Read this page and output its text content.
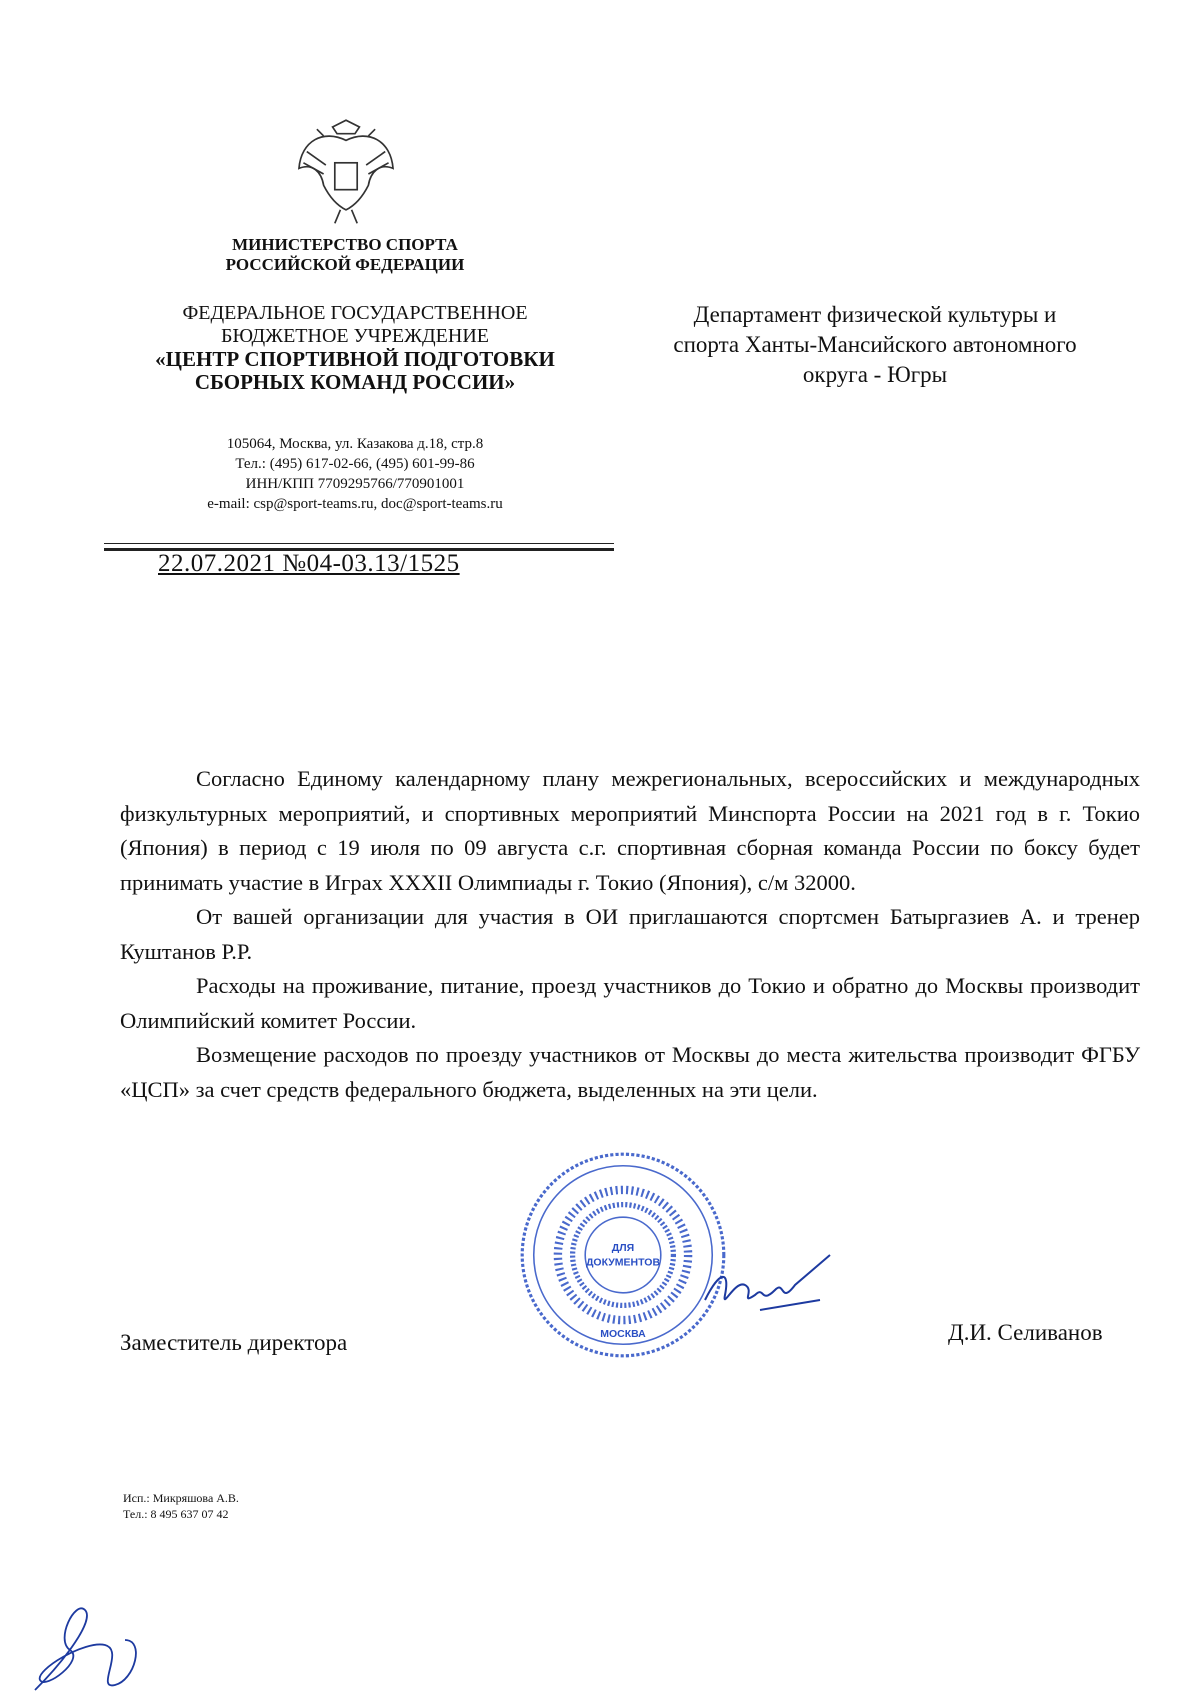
МИНИСТЕРСТВО СПОРТА
РОССИЙСКОЙ ФЕДЕРАЦИИ
ФЕДЕРАЛЬНОЕ ГОСУДАРСТВЕННОЕ
БЮДЖЕТНОЕ УЧРЕЖДЕНИЕ
«ЦЕНТР СПОРТИВНОЙ ПОДГОТОВКИ
СБОРНЫХ КОМАНД РОССИИ»
105064, Москва, ул. Казакова д.18, стр.8
Тел.: (495) 617-02-66, (495) 601-99-86
ИНН/КПП 7709295766/770901001
e-mail: csp@sport-teams.ru, doc@sport-teams.ru
22.07.2021 №04-03.13/1525
Департамент физической культуры и
спорта Ханты-Мансийского автономного
округа - Югры

Согласно Единому календарному плану межрегиональных, всероссийских и международных физкультурных мероприятий, и спортивных мероприятий Минспорта России на 2021 год в г. Токио (Япония) в период с 19 июля по 09 августа с.г. спортивная сборная команда России по боксу будет принимать участие в Играх XXXII Олимпиады г. Токио (Япония), с/м 32000.

От вашей организации для участия в ОИ приглашаются спортсмен Батыргазиев А. и тренер Куштанов Р.Р.

Расходы на проживание, питание, проезд участников до Токио и обратно до Москвы производит Олимпийский комитет России.

Возмещение расходов по проезду участников от Москвы до места жительства производит ФГБУ «ЦСП» за счет средств федерального бюджета, выделенных на эти цели.

Заместитель директора
ДЛЯ
ДОКУМЕНТОВ
МОСКВА	Д.И. Селиванов
Исп.: Микряшова А.В.
Тел.: 8 495 637 07 42
